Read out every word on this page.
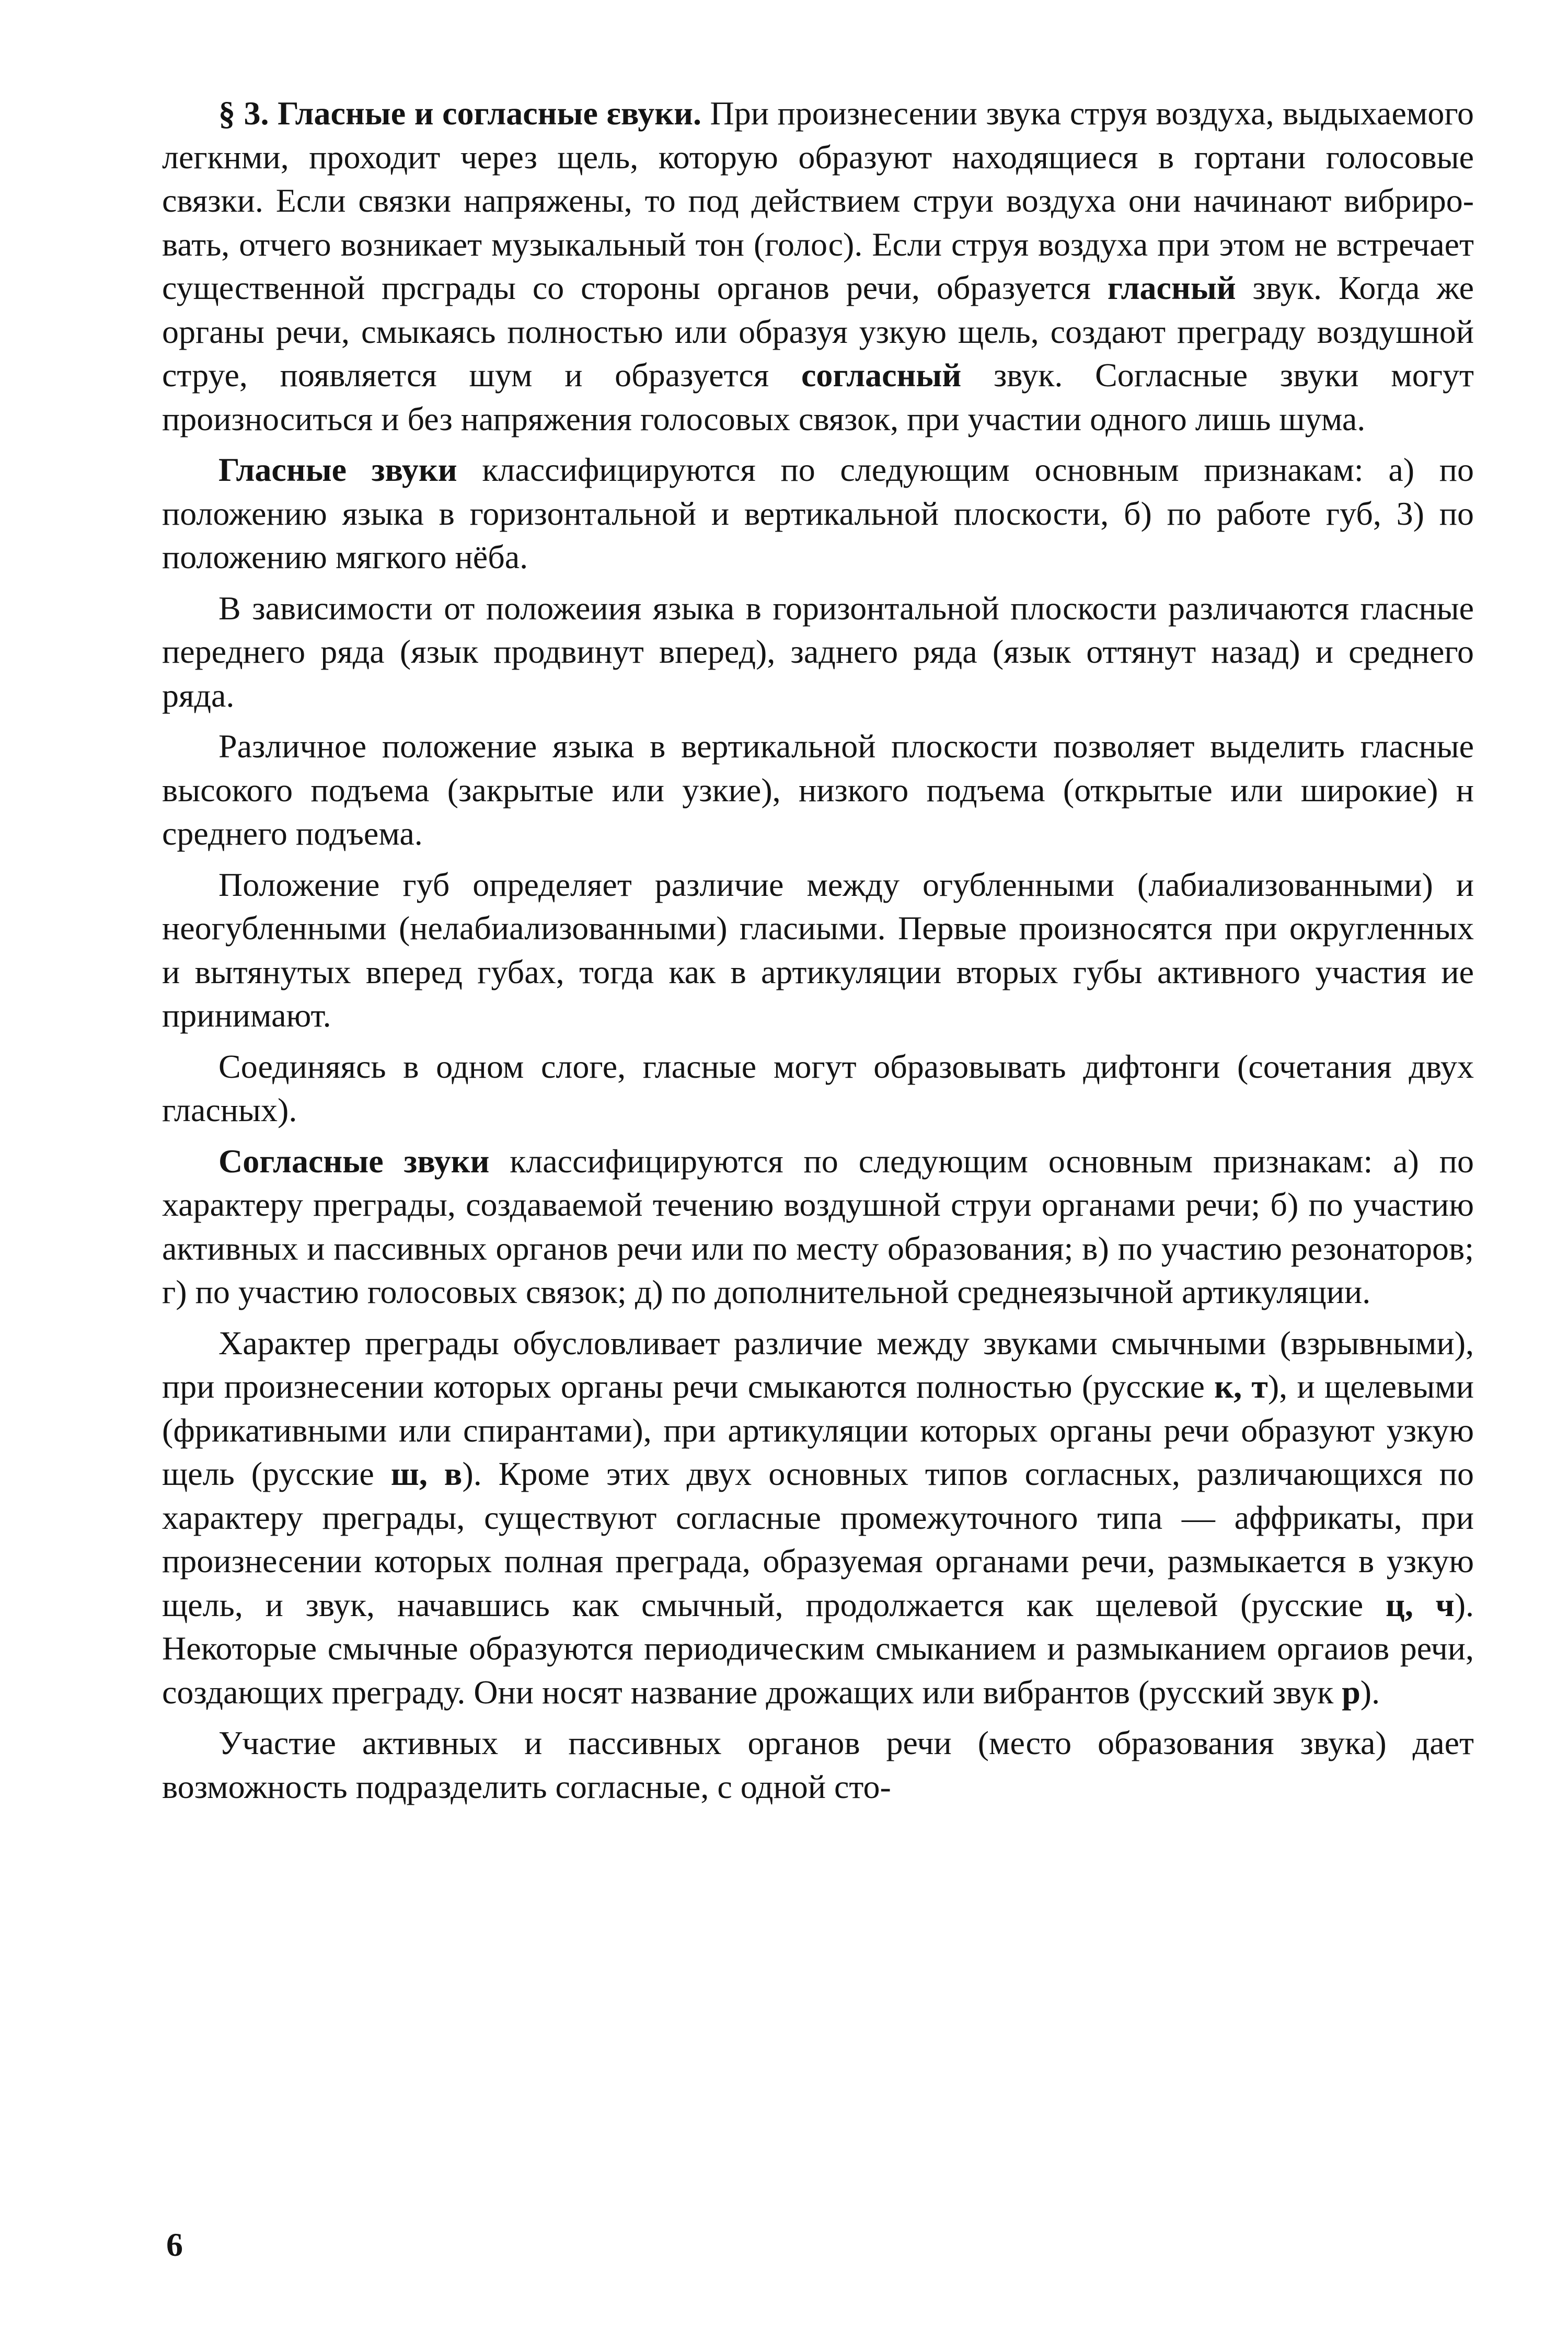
§ 3. Гласные и согласные ɛвуки. При произнесении звука струя воздуха, выдыхаемого легкнми, проходит через щель, которую образуют находящиеся в гортани голосовые связки. Если связки напряжены, то под действием струи воздуха они начинают вибрировать, отчего возникает музыкальный тон (голос). Если струя воздуха при этом не встречает существенной прсграды со стороны органов речи, образуется гласный звук. Когда же органы речи, смыкаясь полностью или образуя узкую щель, создают преграду воздушной струе, появляется шум и образуется согласный звук. Согласные звуки могут произноситься и без напряжения голосовых связок, при участии одного лишь шума.

Гласные звуки классифицируются по следующим основным признакам: а) по положению языка в горизонтальной и вертикальной плоскости, б) по работе губ, 3) по положению мягкого нёба.

В зависимости от положеиия языка в горизонтальной плоскости различаются гласные переднего ряда (язык продвинут вперед), заднего ряда (язык оттянут назад) и среднего ряда.

Различное положение языка в вертикальной плоскости позволяет выделить гласные высокого подъема (закрытые или узкие), низкого подъема (открытые или широкие) н среднего подъема.

Положение губ определяет различие между огубленными (лабиализованными) и неогубленными (нелабиализованными) гласиыми. Первые произносятся при округленных и вытянутых вперед губах, тогда как в артикуляции вторых губы активного участия ие принимают.

Соединяясь в одном слоге, гласные могут образовывать дифтонги (сочетания двух гласных).

Согласные звуки классифицируются по следующим основным признакам: а) по характеру преграды, создаваемой течению воздушной струи органами речи; б) по участию активных и пассивных органов речи или по месту образования; в) по участию резонаторов; г) по участию голосовых связок; д) по дополнительной среднеязычной артикуляции.

Характер преграды обусловливает различие между звуками смычными (взрывными), при произнесении которых органы речи смыкаются полностью (русские к, т), и щелевыми (фрикативными или спирантами), при артикуляции которых органы речи образуют узкую щель (русские ш, в). Кроме этих двух основных типов согласных, различающихся по характеру преграды, существуют согласные промежуточного типа — аффрикаты, при произнесении которых полная преграда, образуемая органами речи, размыкается в узкую щель, и звук, начавшись как смычный, продолжается как щелевой (русские ц, ч). Некоторые смычные образуются периодическим смыканием и размыканием оргаиов речи, создающих преграду. Они носят название дрожащих или вибрантов (русский звук р).

Участие активных и пассивных органов речи (место образования звука) дает возможность подразделить согласные, с одной сто-

6
